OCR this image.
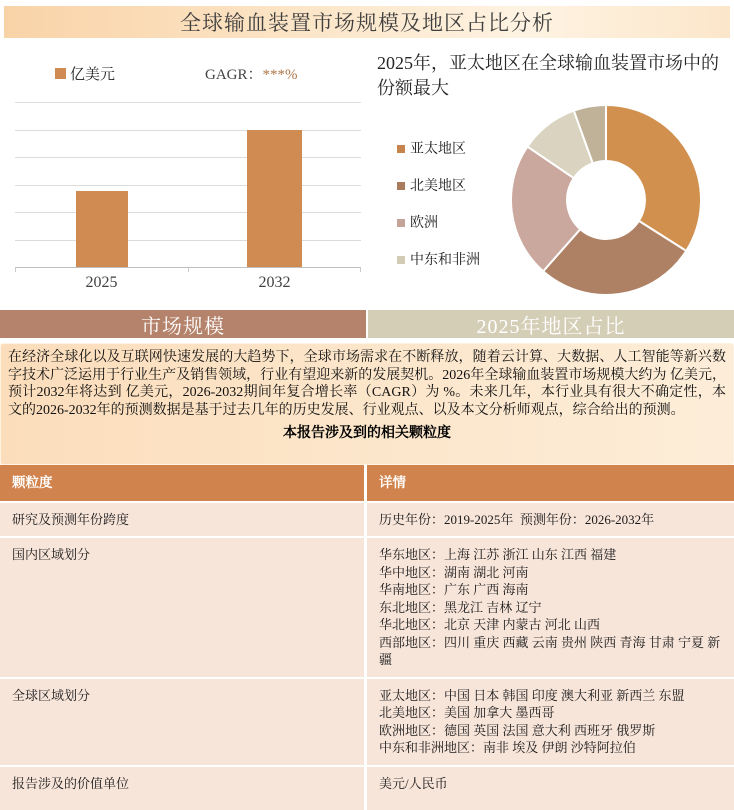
全球输血装置市场规模及地区占比分析
亿美元	GAGR：***%
2025	2032
2025年，亚太地区在全球输血装置市场中的份额最大
亚太地区
北美地区
欧洲
中东和非洲
市场规模	2025年地区占比

在经济全球化以及互联网快速发展的大趋势下，全球市场需求在不断释放，随着云计算、大数据、人工智能等新兴数字技术广泛运用于行业生产及销售领域，行业有望迎来新的发展契机。2026年全球输血装置市场规模大约为 亿美元，预计2032年将达到 亿美元，2026-2032期间年复合增长率（CAGR）为 %。未来几年，本行业具有很大不确定性，本文的2026-2032年的预测数据是基于过去几年的历史发展、行业观点、以及本文分析师观点，综合给出的预测。

本报告涉及到的相关颗粒度
颗粒度	详情
研究及预测年份跨度	历史年份：2019-2025年  预测年份：2026-2032年
国内区域划分	华东地区：上海 江苏 浙江 山东 江西 福建
华中地区：湖南 湖北 河南
华南地区：广东 广西 海南
东北地区：黑龙江 吉林 辽宁
华北地区：北京 天津 内蒙古 河北 山西
西部地区：四川 重庆 西藏 云南 贵州 陕西 青海 甘肃 宁夏 新疆
全球区域划分	亚太地区：中国 日本 韩国 印度 澳大利亚 新西兰 东盟
北美地区：美国 加拿大 墨西哥
欧洲地区：德国 英国 法国 意大利 西班牙 俄罗斯
中东和非洲地区：南非 埃及 伊朗 沙特阿拉伯
报告涉及的价值单位	美元/人民币
